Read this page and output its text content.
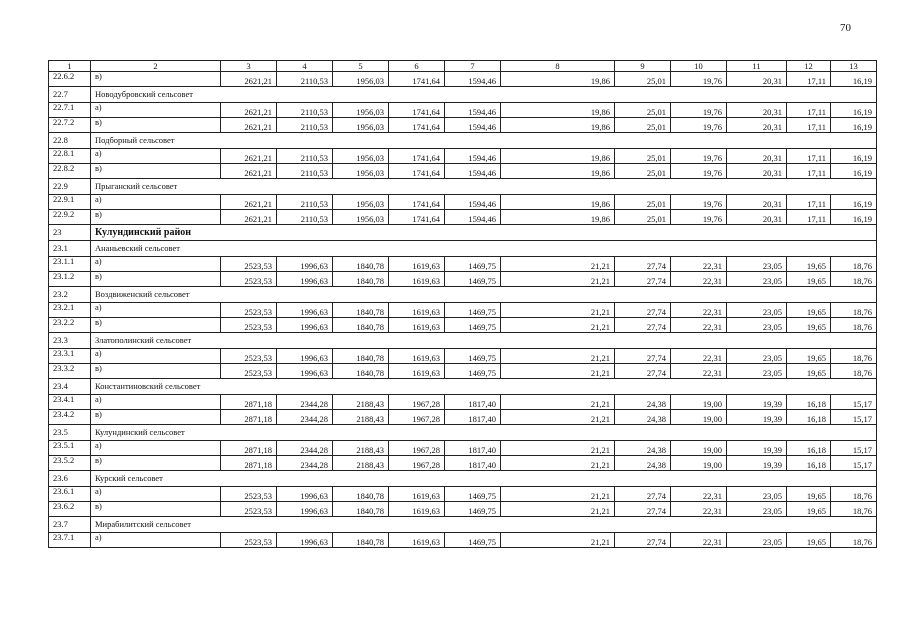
70
1	2	3	4	5	6	7	8	9	10	11	12	13
22.6.2	в)	2621,21	2110,53	1956,03	1741,64	1594,46	19,86	25,01	19,76	20,31	17,11	16,19
22.7	Новодубровский сельсовет											
22.7.1	а)	2621,21	2110,53	1956,03	1741,64	1594,46	19,86	25,01	19,76	20,31	17,11	16,19
22.7.2	в)	2621,21	2110,53	1956,03	1741,64	1594,46	19,86	25,01	19,76	20,31	17,11	16,19
22.8	Подборный сельсовет											
22.8.1	а)	2621,21	2110,53	1956,03	1741,64	1594,46	19,86	25,01	19,76	20,31	17,11	16,19
22.8.2	в)	2621,21	2110,53	1956,03	1741,64	1594,46	19,86	25,01	19,76	20,31	17,11	16,19
22.9	Прыганский сельсовет											
22.9.1	а)	2621,21	2110,53	1956,03	1741,64	1594,46	19,86	25,01	19,76	20,31	17,11	16,19
22.9.2	в)	2621,21	2110,53	1956,03	1741,64	1594,46	19,86	25,01	19,76	20,31	17,11	16,19
23	Кулундинский район											
23.1	Ананьевский сельсовет											
23.1.1	а)	2523,53	1996,63	1840,78	1619,63	1469,75	21,21	27,74	22,31	23,05	19,65	18,76
23.1.2	в)	2523,53	1996,63	1840,78	1619,63	1469,75	21,21	27,74	22,31	23,05	19,65	18,76
23.2	Воздвиженский сельсовет											
23.2.1	а)	2523,53	1996,63	1840,78	1619,63	1469,75	21,21	27,74	22,31	23,05	19,65	18,76
23.2.2	в)	2523,53	1996,63	1840,78	1619,63	1469,75	21,21	27,74	22,31	23,05	19,65	18,76
23.3	Златополинский сельсовет											
23.3.1	а)	2523,53	1996,63	1840,78	1619,63	1469,75	21,21	27,74	22,31	23,05	19,65	18,76
23.3.2	в)	2523,53	1996,63	1840,78	1619,63	1469,75	21,21	27,74	22,31	23,05	19,65	18,76
23.4	Константиновский сельсовет											
23.4.1	а)	2871,18	2344,28	2188,43	1967,28	1817,40	21,21	24,38	19,00	19,39	16,18	15,17
23.4.2	в)	2871,18	2344,28	2188,43	1967,28	1817,40	21,21	24,38	19,00	19,39	16,18	15,17
23.5	Кулундинский сельсовет											
23.5.1	а)	2871,18	2344,28	2188,43	1967,28	1817,40	21,21	24,38	19,00	19,39	16,18	15,17
23.5.2	в)	2871,18	2344,28	2188,43	1967,28	1817,40	21,21	24,38	19,00	19,39	16,18	15,17
23.6	Курский сельсовет											
23.6.1	а)	2523,53	1996,63	1840,78	1619,63	1469,75	21,21	27,74	22,31	23,05	19,65	18,76
23.6.2	в)	2523,53	1996,63	1840,78	1619,63	1469,75	21,21	27,74	22,31	23,05	19,65	18,76
23.7	Мирабилитский сельсовет											
23.7.1	а)	2523,53	1996,63	1840,78	1619,63	1469,75	21,21	27,74	22,31	23,05	19,65	18,76
